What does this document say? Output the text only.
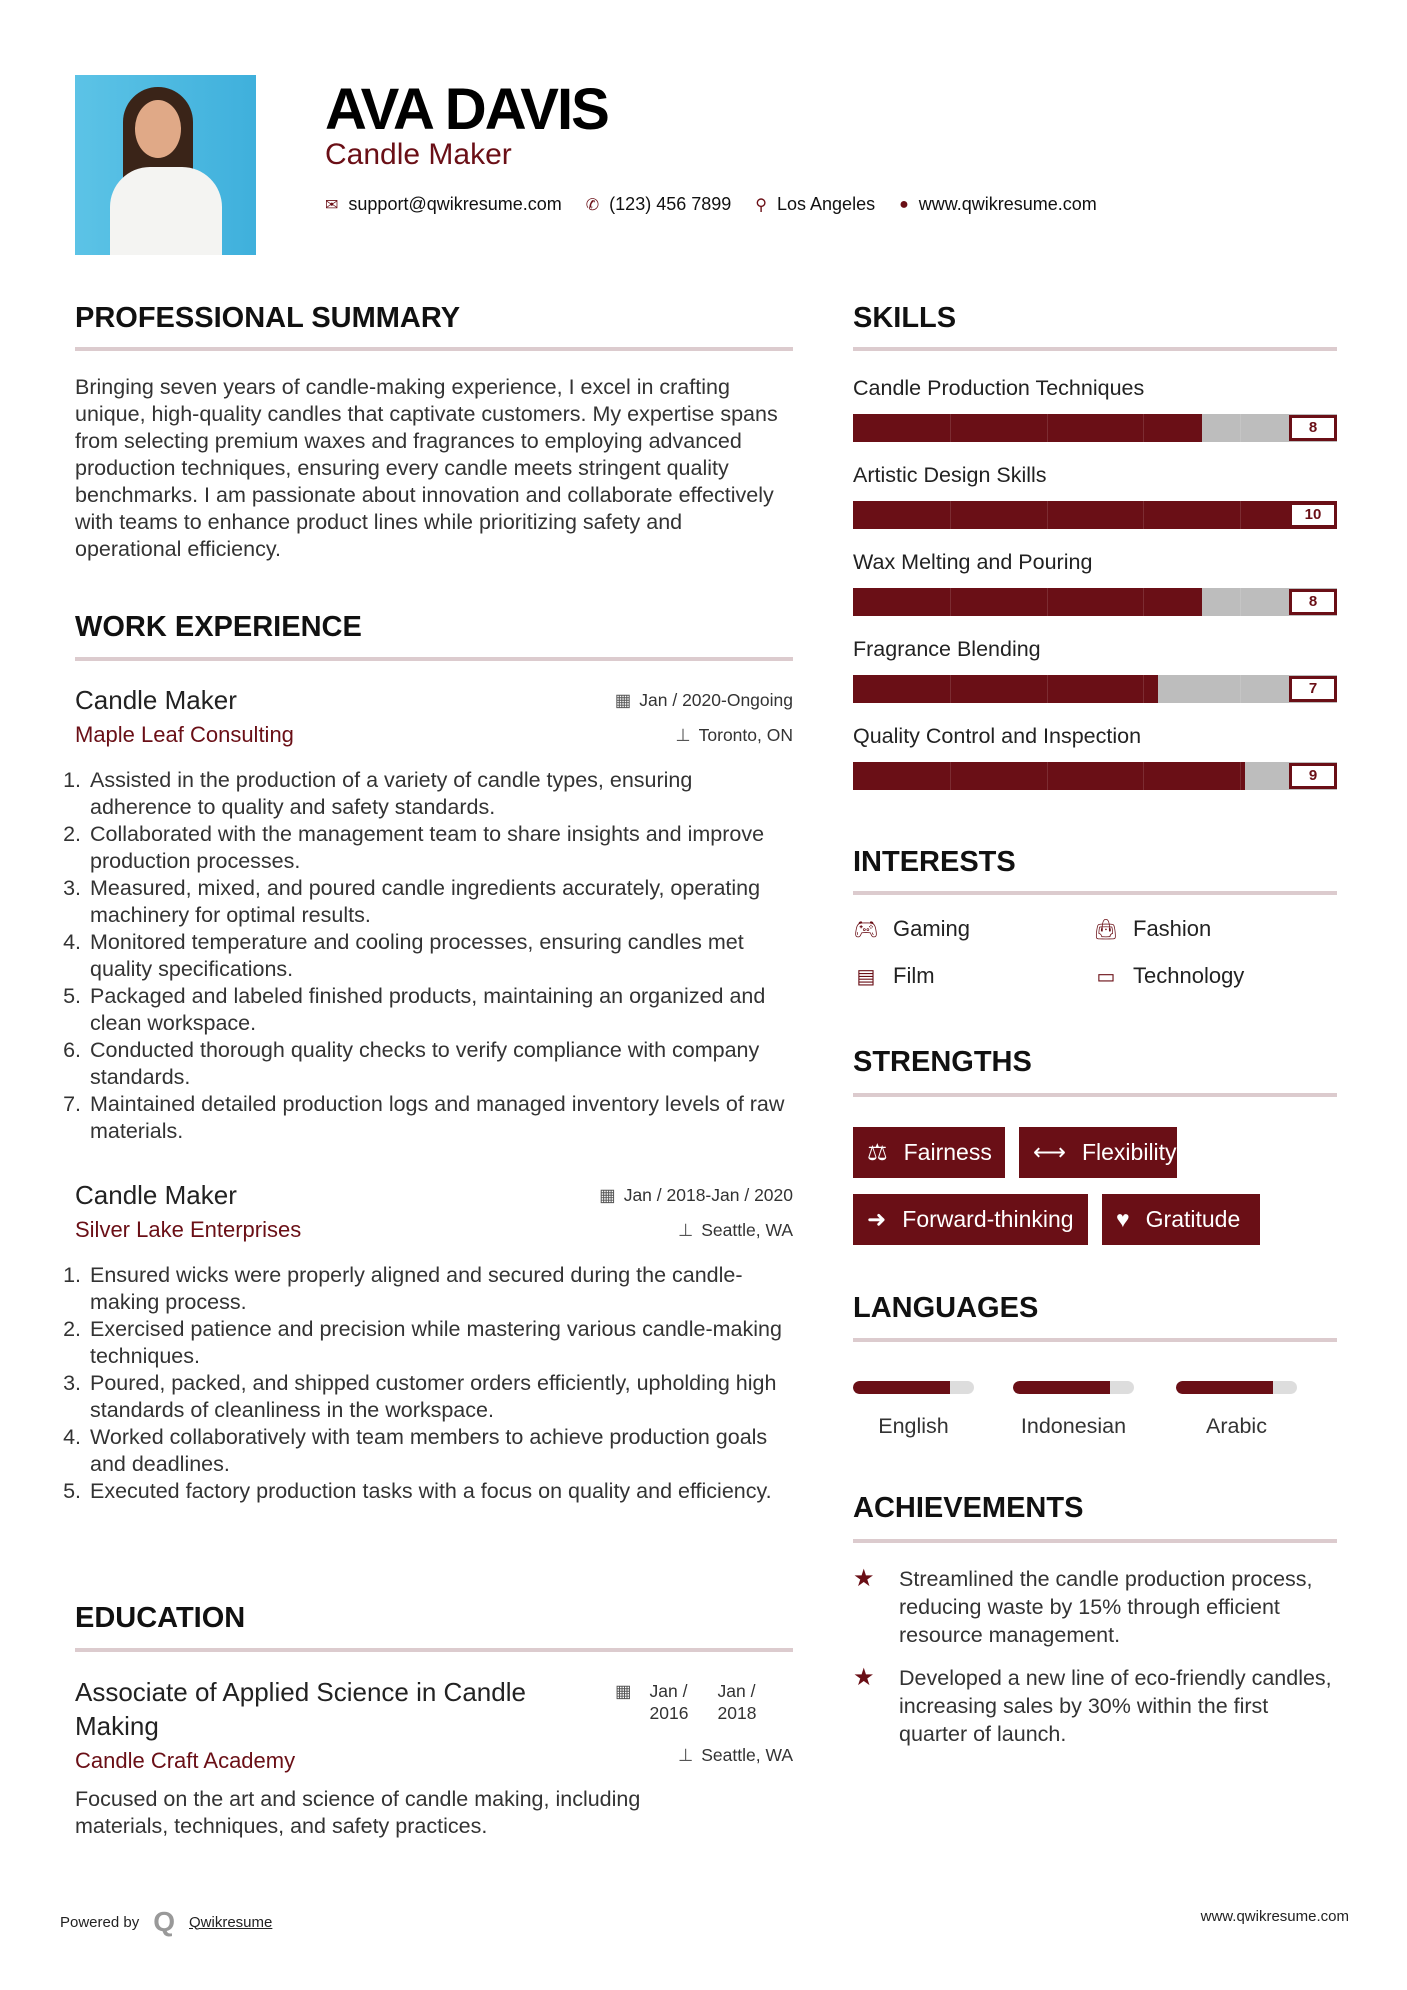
AVA DAVIS
Candle Maker
✉ support@qwikresume.com ✆ (123) 456 7899 ⚲ Los Angeles ● www.qwikresume.com
PROFESSIONAL SUMMARY
Bringing seven years of candle-making experience, I excel in crafting unique, high-quality candles that captivate customers. My expertise spans from selecting premium waxes and fragrances to employing advanced production techniques, ensuring every candle meets stringent quality benchmarks. I am passionate about innovation and collaborate effectively with teams to enhance product lines while prioritizing safety and operational efficiency.
WORK EXPERIENCE
Candle Maker	▦ Jan / 2020-Ongoing
Maple Leaf Consulting	⊥ Toronto, ON
1. Assisted in the production of a variety of candle types, ensuring adherence to quality and safety standards.
2. Collaborated with the management team to share insights and improve production processes.
3. Measured, mixed, and poured candle ingredients accurately, operating machinery for optimal results.
4. Monitored temperature and cooling processes, ensuring candles met quality specifications.
5. Packaged and labeled finished products, maintaining an organized and clean workspace.
6. Conducted thorough quality checks to verify compliance with company standards.
7. Maintained detailed production logs and managed inventory levels of raw materials.
Candle Maker	▦ Jan / 2018-Jan / 2020
Silver Lake Enterprises	⊥ Seattle, WA
1. Ensured wicks were properly aligned and secured during the candle-making process.
2. Exercised patience and precision while mastering various candle-making techniques.
3. Poured, packed, and shipped customer orders efficiently, upholding high standards of cleanliness in the workspace.
4. Worked collaboratively with team members to achieve production goals and deadlines.
5. Executed factory production tasks with a focus on quality and efficiency.
EDUCATION
Associate of Applied Science in Candle Making
▦ Jan / 2016
Jan / 2018
Candle Craft Academy	⊥ Seattle, WA
Focused on the art and science of candle making, including materials, techniques, and safety practices.
SKILLS
Candle Production Techniques
8
Artistic Design Skills
10
Wax Melting and Pouring
8
Fragrance Blending
7
Quality Control and Inspection
9
INTERESTS
🎮︎ Gaming	👜︎ Fashion
▤ Film	▭ Technology
STRENGTHS
⚖ Fairness ⟷ Flexibility
➜ Forward-thinking ♥ Gratitude
LANGUAGES
English	Indonesian	Arabic
ACHIEVEMENTS
★	Streamlined the candle production process, reducing waste by 15% through efficient resource management.
★	Developed a new line of eco-friendly candles, increasing sales by 30% within the first quarter of launch.
Powered by Q Qwikresume	www.qwikresume.com
